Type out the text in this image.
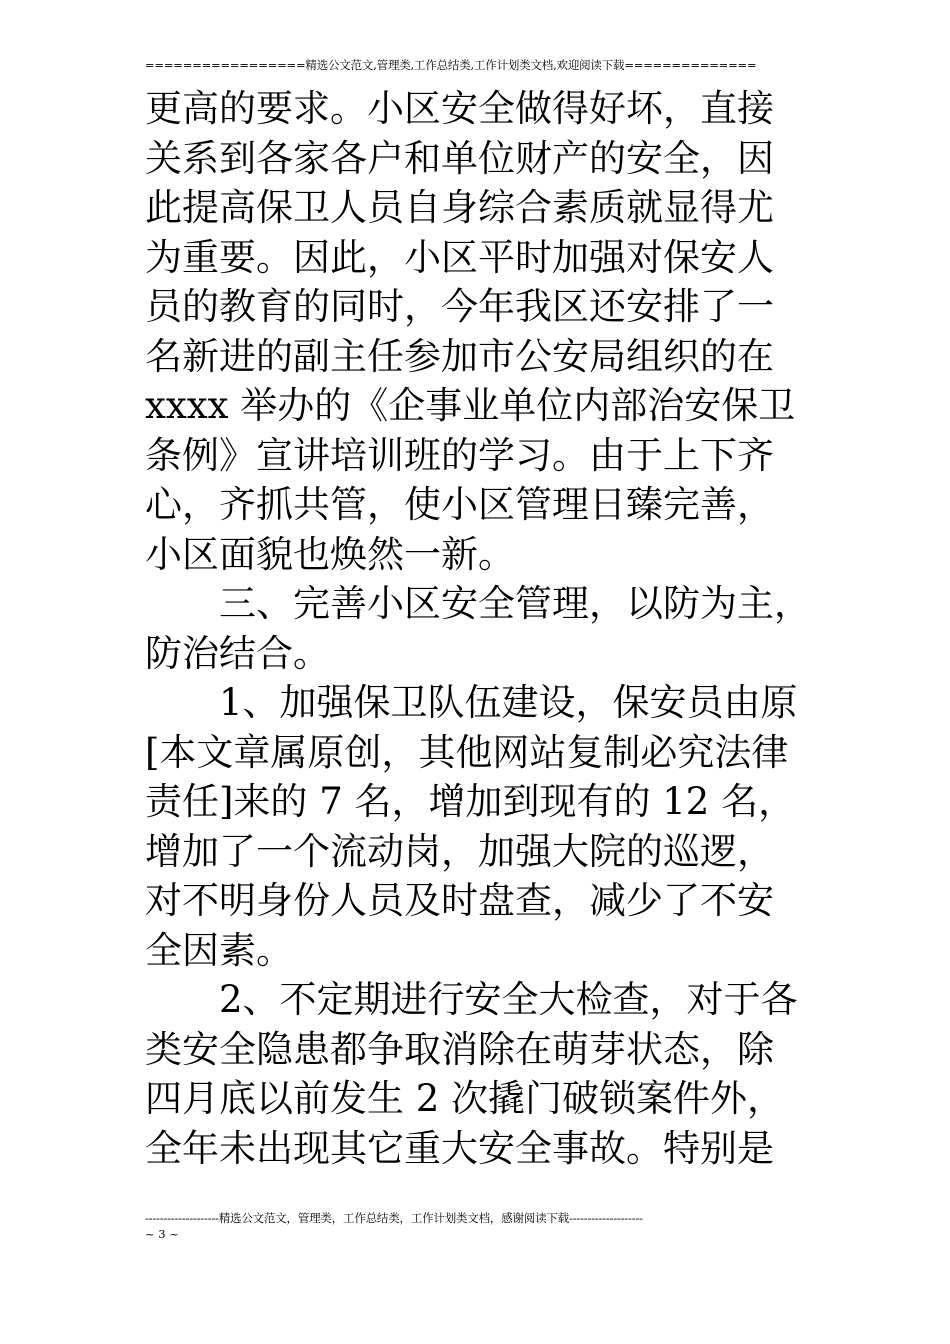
=================精选公文范文,管理类,工作总结类,工作计划类文档,欢迎阅读下载==============
更高的要求。小区安全做得好坏，直接
关系到各家各户和单位财产的安全，因
此提高保卫人员自身综合素质就显得尤
为重要。因此，小区平时加强对保安人
员的教育的同时，今年我区还安排了一
名新进的副主任参加市公安局组织的在
xxxx 举办的《企事业单位内部治安保卫
条例》宣讲培训班的学习。由于上下齐
心，齐抓共管，使小区管理日臻完善，
小区面貌也焕然一新。
三、完善小区安全管理，以防为主，
防治结合。
1、加强保卫队伍建设，保安员由原
[本文章属原创，其他网站复制必究法律
责任]来的 7 名，增加到现有的 12 名，
增加了一个流动岗，加强大院的巡逻，
对不明身份人员及时盘查，减少了不安
全因素。
2、不定期进行安全大检查，对于各
类安全隐患都争取消除在萌芽状态，除
四月底以前发生 2 次撬门破锁案件外，
全年未出现其它重大安全事故。特别是
--------------------精选公文范文，管理类，工作总结类，工作计划类文档，感谢阅读下载--------------------
~ 3 ~
